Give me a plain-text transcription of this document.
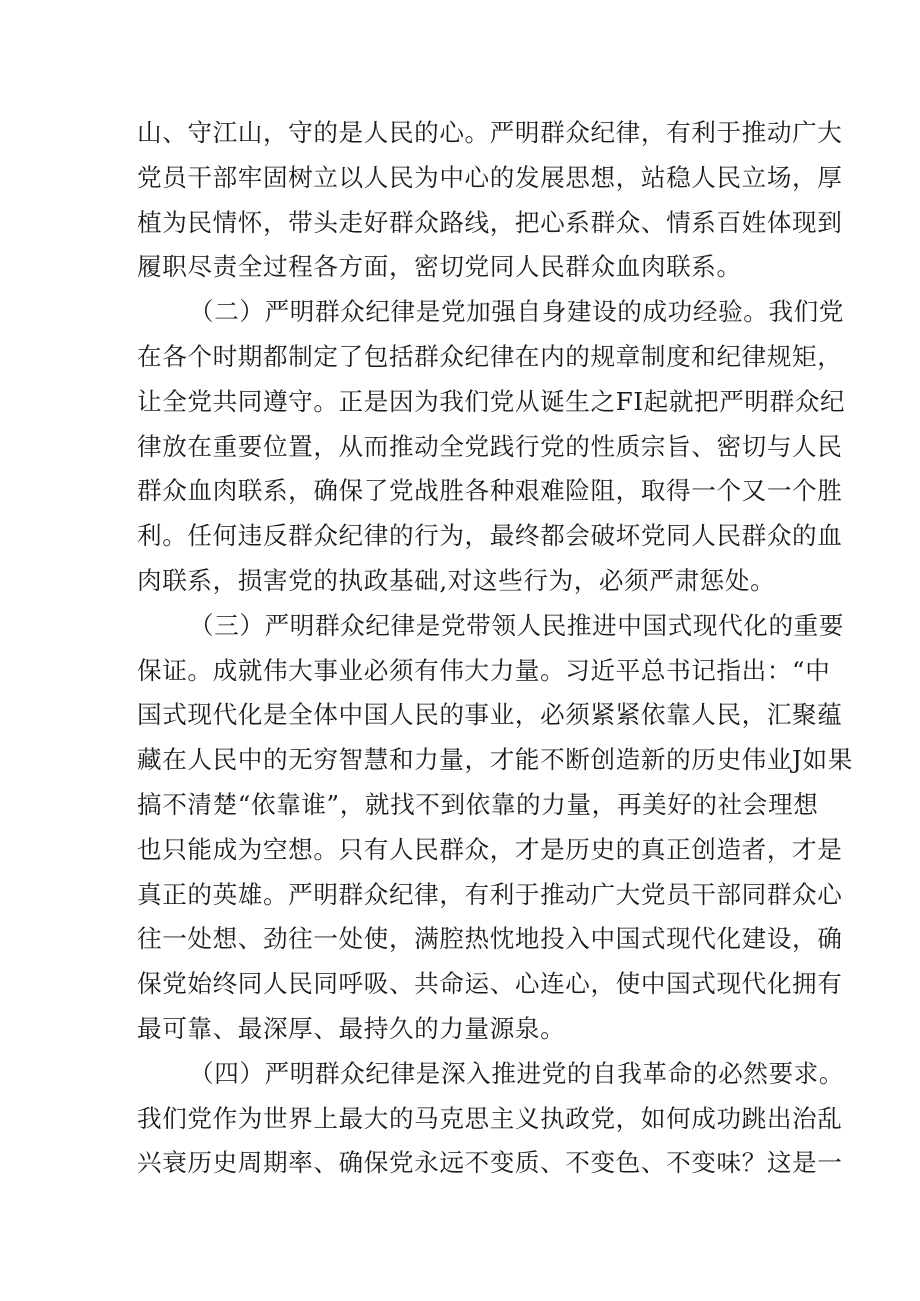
山、守江山，守的是人民的心。严明群众纪律，有利于推动广大

党员干部牢固树立以人民为中心的发展思想，站稳人民立场，厚

植为民情怀，带头走好群众路线，把心系群众、情系百姓体现到

履职尽责全过程各方面，密切党同人民群众血肉联系。

（二）严明群众纪律是党加强自身建设的成功经验。我们党

在各个时期都制定了包括群众纪律在内的规章制度和纪律规矩，

让全党共同遵守。正是因为我们党从诞生之FI起就把严明群众纪

律放在重要位置，从而推动全党践行党的性质宗旨、密切与人民

群众血肉联系，确保了党战胜各种艰难险阻，取得一个又一个胜

利。任何违反群众纪律的行为，最终都会破坏党同人民群众的血

肉联系，损害党的执政基础,对这些行为，必须严肃惩处。

（三）严明群众纪律是党带领人民推进中国式现代化的重要

保证。成就伟大事业必须有伟大力量。习近平总书记指出：“中

国式现代化是全体中国人民的事业，必须紧紧依靠人民，汇聚蕴

藏在人民中的无穷智慧和力量，才能不断创造新的历史伟业J如果

搞不清楚“依靠谁”，就找不到依靠的力量，再美好的社会理想

也只能成为空想。只有人民群众，才是历史的真正创造者，才是

真正的英雄。严明群众纪律，有利于推动广大党员干部同群众心

往一处想、劲往一处使，满腔热忱地投入中国式现代化建设，确

保党始终同人民同呼吸、共命运、心连心，使中国式现代化拥有

最可靠、最深厚、最持久的力量源泉。

（四）严明群众纪律是深入推进党的自我革命的必然要求。

我们党作为世界上最大的马克思主义执政党，如何成功跳出治乱

兴衰历史周期率、确保党永远不变质、不变色、不变味？这是一
